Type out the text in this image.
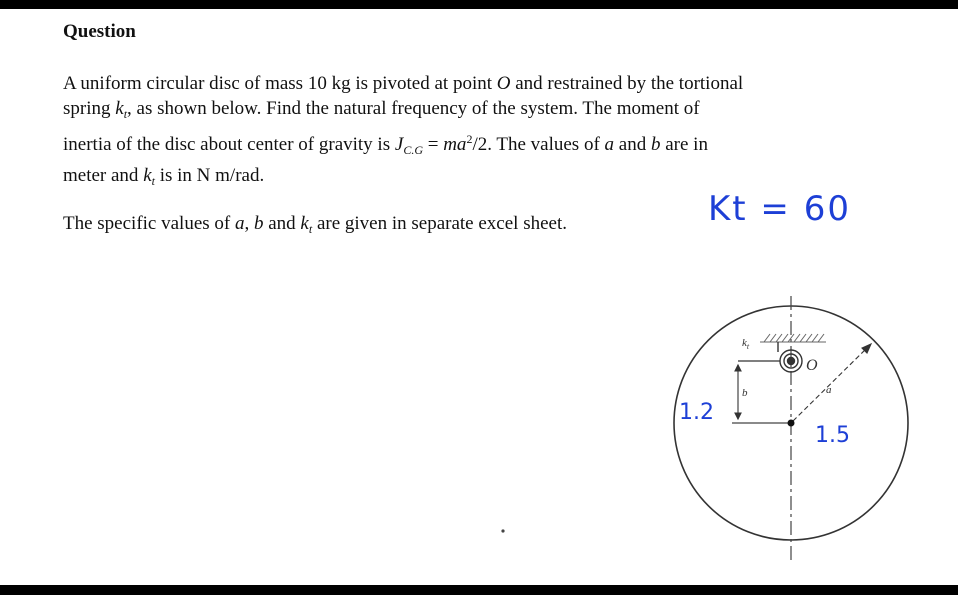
Question
A uniform circular disc of mass 10 kg is pivoted at point O and restrained by the tortional
spring $k_t$, as shown below. Find the natural frequency of the system. The moment of
inertia of the disc about center of gravity is $J_{C.G} = ma^2/2$. The values of a and b are in
meter and $k_t$ is in N m/rad.
The specific values of a, b and $k_t$ are given in separate excel sheet.	Kt = 60
$k_t$
O
b	a
1.2
1.5
